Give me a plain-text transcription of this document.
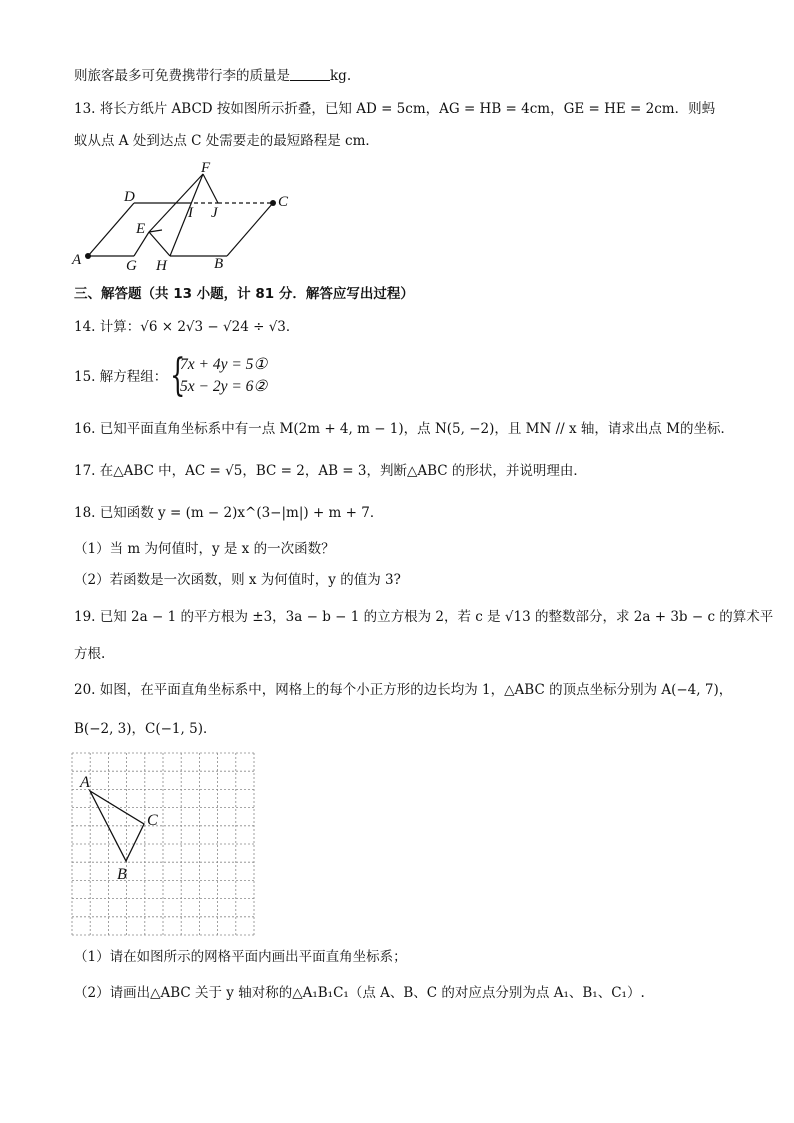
则旅客最多可免费携带行李的质量是	kg.
13. 将长方纸片 ABCD 按如图所示折叠，已知 AD = 5cm，AG = HB = 4cm，GE = HE = 2cm．则蚂
蚁从点 A 处到达点 C 处需要走的最短路程是 cm．
D
F
C
E
I J
A	G H	B
三、解答题（共 13 小题，计 81 分．解答应写出过程）
14. 计算：√6 × 2√3 − √24 ÷ √3．
15. 解方程组： {
7x + 4y = 5①
5x − 2y = 6②
16. 已知平面直角坐标系中有一点 M(2m + 4, m − 1)，点 N(5, −2)，且 MN // x 轴，请求出点 M的坐标．
17. 在△ABC 中，AC = √5，BC = 2，AB = 3，判断△ABC 的形状，并说明理由．
18. 已知函数 y = (m − 2)x^(3−|m|) + m + 7．
（1）当 m 为何值时，y 是 x 的一次函数？
（2）若函数是一次函数，则 x 为何值时，y 的值为 3?
19. 已知 2a − 1 的平方根为 ±3，3a − b − 1 的立方根为 2，若 c 是 √13 的整数部分，求 2a + 3b − c 的算术平
方根.
20. 如图，在平面直角坐标系中，网格上的每个小正方形的边长均为 1，△ABC 的顶点坐标分别为 A(−4, 7)，
B(−2, 3)，C(−1, 5)．
A
C
B
（1）请在如图所示的网格平面内画出平面直角坐标系；
（2）请画出△ABC 关于 y 轴对称的△A₁B₁C₁（点 A、B、C 的对应点分别为点 A₁、B₁、C₁）.
